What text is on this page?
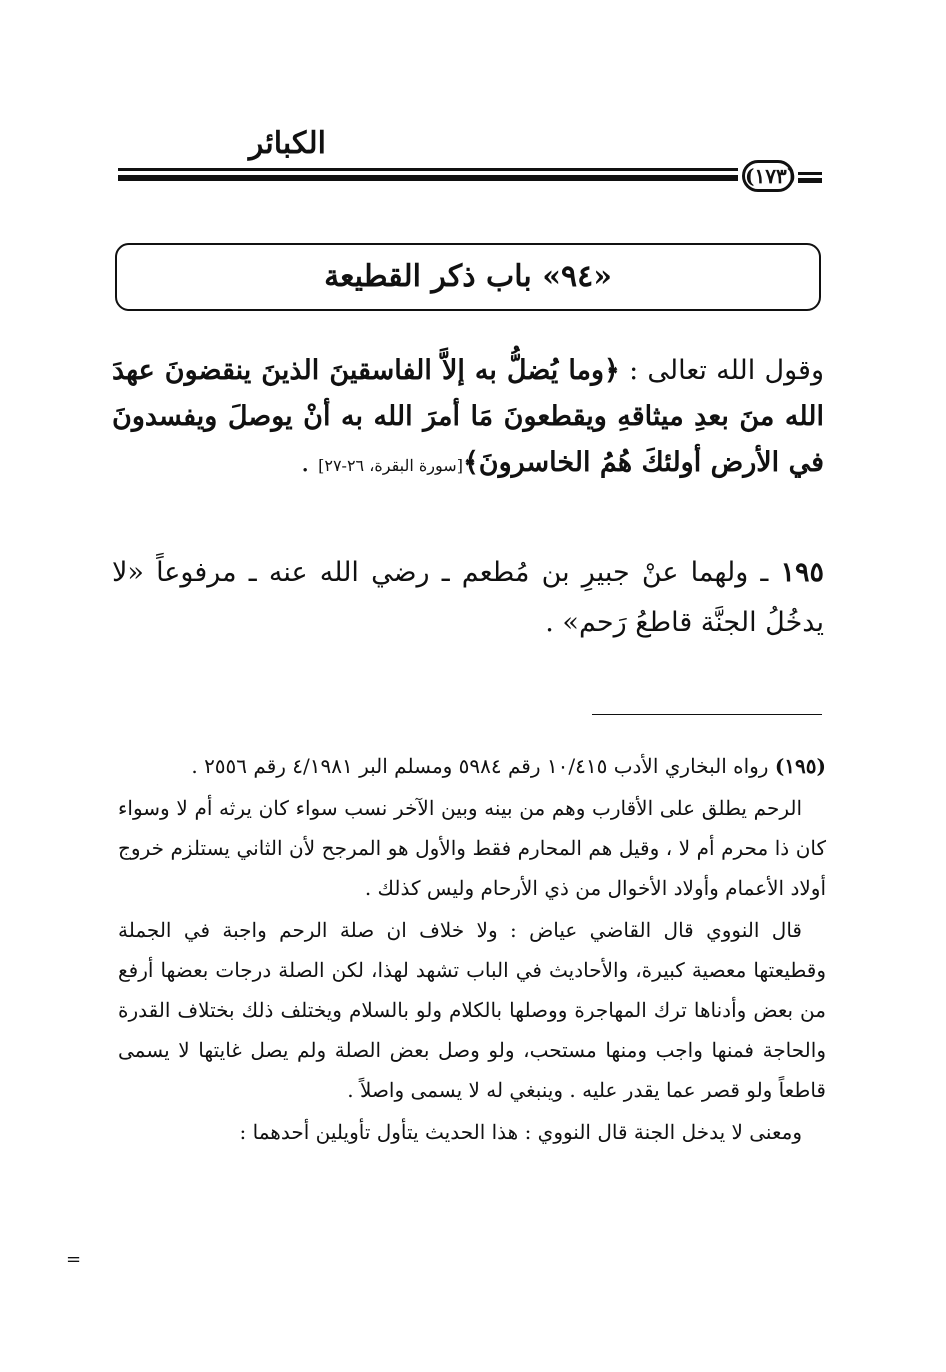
الكبائر
(١٧٣)
«٩٤» باب ذكر القطيعة
وقول الله تعالى : ﴿وما يُضلُّ به إلاَّ الفاسقينَ الذينَ ينقضونَ عهدَ الله منَ بعدِ ميثاقهِ ويقطعونَ مَا أمرَ الله به أنْ يوصلَ ويفسدونَ في الأرض أولئكَ هُمُ الخاسرونَ﴾[سورة البقرة، ٢٦-٢٧] .
١٩٥ ـ ولهما عنْ جبيرِ بن مُطعم ـ رضي الله عنه ـ مرفوعاً «لا يدخُلُ الجنَّة قاطعُ رَحم» .

(١٩٥) رواه البخاري الأدب ١٠/٤١٥ رقم ٥٩٨٤ ومسلم البر ٤/١٩٨١ رقم ٢٥٥٦ .

الرحم يطلق على الأقارب وهم من بينه وبين الآخر نسب سواء كان يرثه أم لا وسواء كان ذا محرم أم لا ، وقيل هم المحارم فقط والأول هو المرجح لأن الثاني يستلزم خروج أولاد الأعمام وأولاد الأخوال من ذي الأرحام وليس كذلك .

قال النووي قال القاضي عياض : ولا خلاف ان صلة الرحم واجبة في الجملة وقطيعتها معصية كبيرة، والأحاديث في الباب تشهد لهذا، لكن الصلة درجات بعضها أرفع من بعض وأدناها ترك المهاجرة ووصلها بالكلام ولو بالسلام ويختلف ذلك بختلاف القدرة والحاجة فمنها واجب ومنها مستحب، ولو وصل بعض الصلة ولم يصل غايتها لا يسمى قاطعاً ولو قصر عما يقدر عليه . وينبغي له لا يسمى واصلاً .

ومعنى لا يدخل الجنة قال النووي : هذا الحديث يتأول تأويلين أحدهما :

=
